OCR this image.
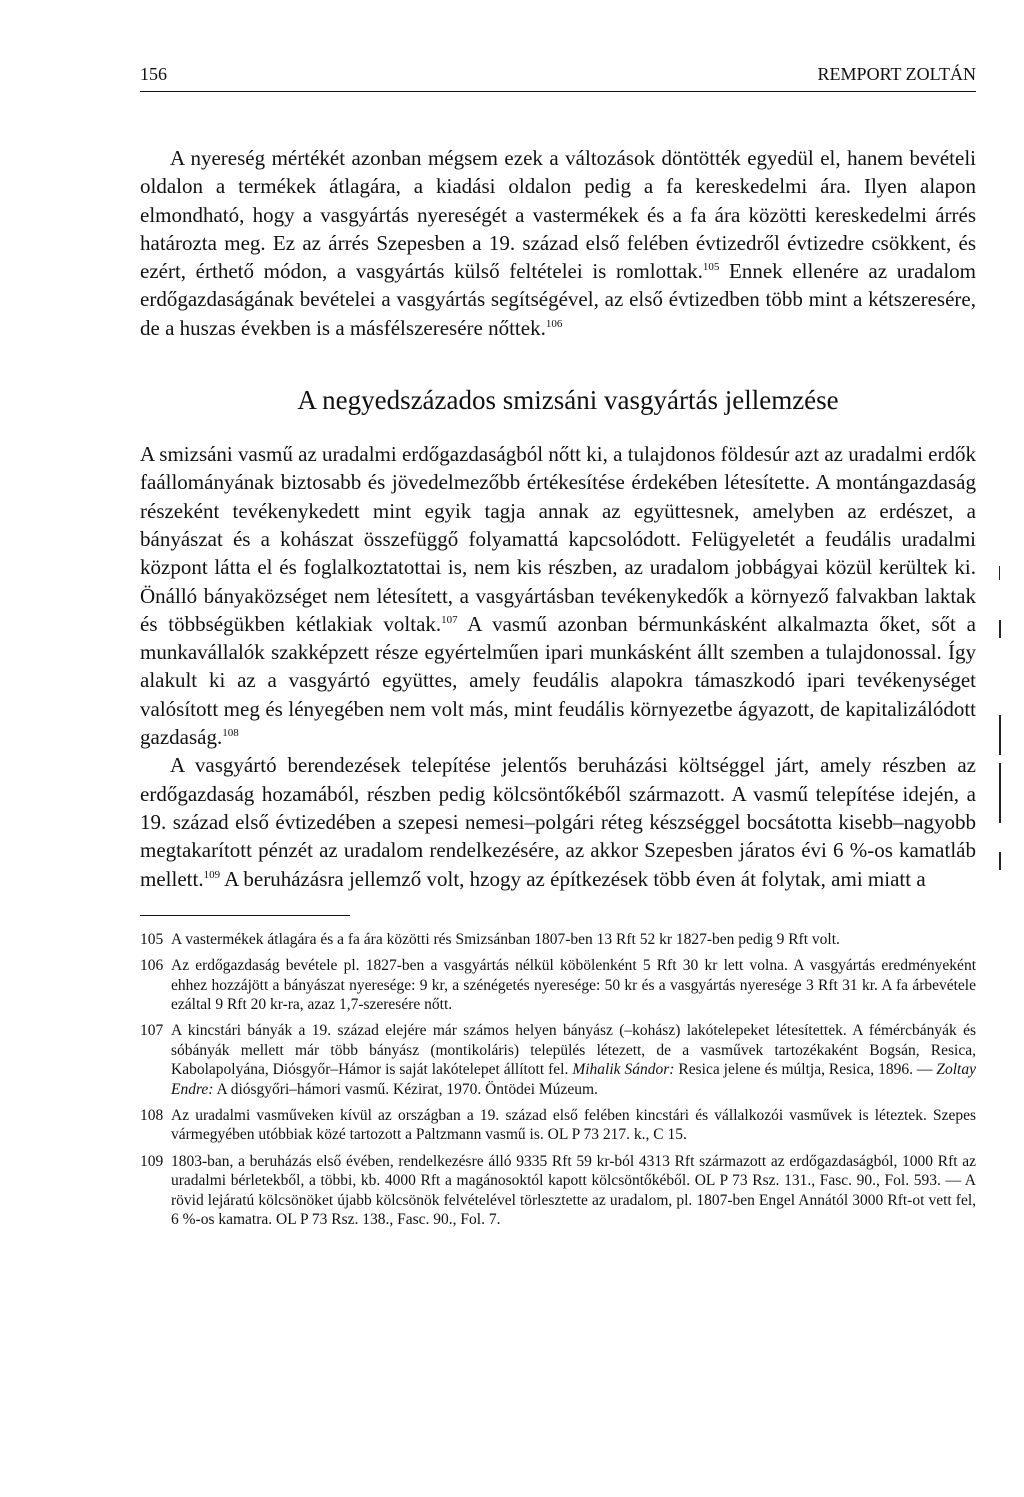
156	REMPORT ZOLTÁN

A nyereség mértékét azonban mégsem ezek a változások döntötték egyedül el, hanem bevételi oldalon a termékek átlagára, a kiadási oldalon pedig a fa kereskedelmi ára. Ilyen alapon elmondható, hogy a vasgyártás nyereségét a vastermékek és a fa ára közötti kereskedelmi árrés határozta meg. Ez az árrés Szepesben a 19. század első felében évtizedről évtizedre csökkent, és ezért, érthető módon, a vasgyártás külső feltételei is romlottak.$^{105}$ Ennek ellenére az uradalom erdőgazdaságának bevételei a vasgyártás segítségével, az első évtizedben több mint a kétszeresére, de a huszas években is a másfélszeresére nőttek.$^{106}$

A negyedszázados smizsáni vasgyártás jellemzése

A smizsáni vasmű az uradalmi erdőgazdaságból nőtt ki, a tulajdonos földesúr azt az uradalmi erdők faállományának biztosabb és jövedelmezőbb értékesítése érdekében létesítette. A montángazdaság részeként tevékenykedett mint egyik tagja annak az együttesnek, amelyben az erdészet, a bányászat és a kohászat összefüggő folyamattá kapcsolódott. Felügyeletét a feudális uradalmi központ látta el és foglalkoztatottai is, nem kis részben, az uradalom jobbágyai közül kerültek ki. Önálló bányaközséget nem létesített, a vasgyártásban tevékenykedők a környező falvakban laktak és többségükben kétlakiak voltak.$^{107}$ A vasmű azonban bérmunkásként alkalmazta őket, sőt a munkavállalók szakképzett része egyértelműen ipari munkásként állt szemben a tulajdonossal. Így alakult ki az a vasgyártó együttes, amely feudális alapokra támaszkodó ipari tevékenységet valósított meg és lényegében nem volt más, mint feudális környezetbe ágyazott, de kapitalizálódott gazdaság.$^{108}$

A vasgyártó berendezések telepítése jelentős beruházási költséggel járt, amely részben az erdőgazdaság hozamából, részben pedig kölcsöntőkéből származott. A vasmű telepítése idején, a 19. század első évtizedében a szepesi nemesi–polgári réteg készséggel bocsátotta kisebb–nagyobb megtakarított pénzét az uradalom rendelkezésére, az akkor Szepesben járatos évi 6 %-os kamatláb mellett.$^{109}$ A beruházásra jellemző volt, hzogy az építkezések több éven át folytak, ami miatt a

105 A vastermékek átlagára és a fa ára közötti rés Smizsánban 1807-ben 13 Rft 52 kr 1827-ben pedig 9 Rft volt.

106 Az erdőgazdaság bevétele pl. 1827-ben a vasgyártás nélkül köbölenként 5 Rft 30 kr lett volna. A vasgyártás eredményeként ehhez hozzájött a bányászat nyeresége: 9 kr, a szénégetés nyeresége: 50 kr és a vasgyártás nyeresége 3 Rft 31 kr. A fa árbevétele ezáltal 9 Rft 20 kr-ra, azaz 1,7-szeresére nőtt.

107 A kincstári bányák a 19. század elejére már számos helyen bányász (–kohász) lakótelepeket létesítettek. A fémércbányák és sóbányák mellett már több bányász (montikoláris) település létezett, de a vasművek tartozékaként Bogsán, Resica, Kabolapolyána, Diósgyőr–Hámor is saját lakótelepet állított fel. Mihalik Sándor: Resica jelene és múltja, Resica, 1896. — Zoltay Endre: A diósgyőri–hámori vasmű. Kézirat, 1970. Öntödei Múzeum.

108 Az uradalmi vasműveken kívül az országban a 19. század első felében kincstári és vállalkozói vasművek is léteztek. Szepes vármegyében utóbbiak közé tartozott a Paltzmann vasmű is. OL P 73 217. k., C 15.

109 1803-ban, a beruházás első évében, rendelkezésre álló 9335 Rft 59 kr-ból 4313 Rft származott az erdőgazdaságból, 1000 Rft az uradalmi bérletekből, a többi, kb. 4000 Rft a magánosoktól kapott kölcsöntőkéből. OL P 73 Rsz. 131., Fasc. 90., Fol. 593. — A rövid lejáratú kölcsönöket újabb kölcsönök felvételével törlesztette az uradalom, pl. 1807-ben Engel Annától 3000 Rft-ot vett fel, 6 %-os kamatra. OL P 73 Rsz. 138., Fasc. 90., Fol. 7.
